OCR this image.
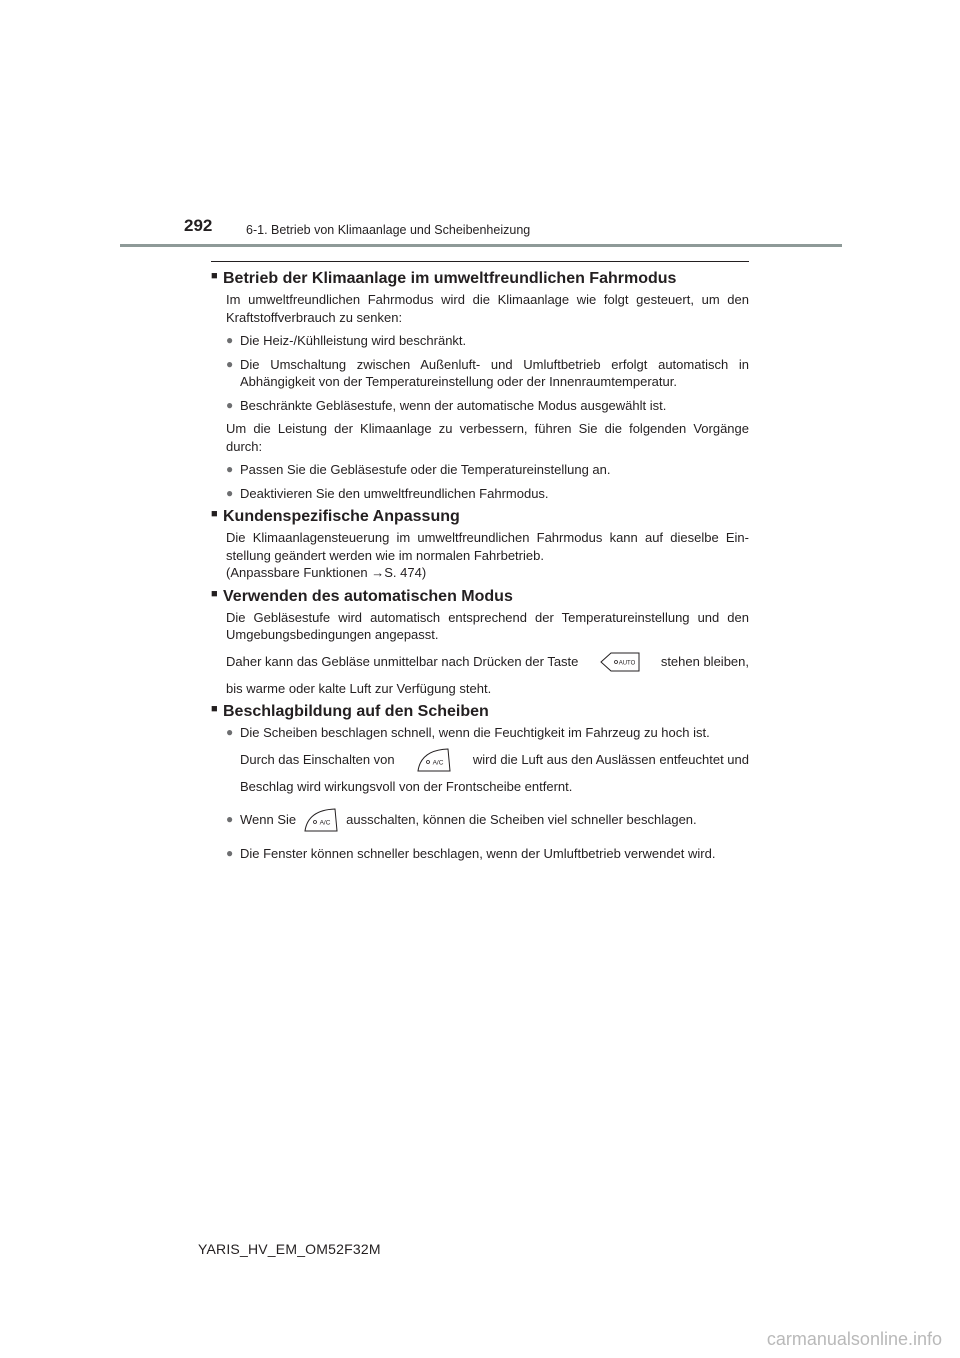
292	6-1. Betrieb von Klimaanlage und Scheibenheizung
■ Betrieb der Klimaanlage im umweltfreundlichen Fahrmodus

Im umweltfreundlichen Fahrmodus wird die Klimaanlage wie folgt gesteuert, um den Kraftstoffverbrauch zu senken:

● Die Heiz-/Kühlleistung wird beschränkt.

● Die Umschaltung zwischen Außenluft- und Umluftbetrieb erfolgt automatisch in Abhängigkeit von der Temperatureinstellung oder der Innenraumtemperatur.

● Beschränkte Gebläsestufe, wenn der automatische Modus ausgewählt ist.

Um die Leistung der Klimaanlage zu verbessern, führen Sie die folgenden Vorgänge durch:

● Passen Sie die Gebläsestufe oder die Temperatureinstellung an.

● Deaktivieren Sie den umweltfreundlichen Fahrmodus.

■ Kundenspezifische Anpassung

Die Klimaanlagensteuerung im umweltfreundlichen Fahrmodus kann auf dieselbe Ein-stellung geändert werden wie im normalen Fahrbetrieb.

(Anpassbare Funktionen →S. 474)

■ Verwenden des automatischen Modus

Die Gebläsestufe wird automatisch entsprechend der Temperatureinstellung und den Umgebungsbedingungen angepasst.

Daher kann das Gebläse unmittelbar nach Drücken der Taste	AUTO stehen bleiben,

bis warme oder kalte Luft zur Verfügung steht.

■ Beschlagbildung auf den Scheiben
● Die Scheiben beschlagen schnell, wenn die Feuchtigkeit im Fahrzeug zu hoch ist.

Durch das Einschalten von	A/C wird die Luft aus den Auslässen entfeuchtet und

Beschlag wird wirkungsvoll von der Frontscheibe entfernt.

● Wenn Sie	A/C ausschalten, können die Scheiben viel schneller beschlagen.

● Die Fenster können schneller beschlagen, wenn der Umluftbetrieb verwendet wird.

YARIS_HV_EM_OM52F32M
carmanualsonline.info
